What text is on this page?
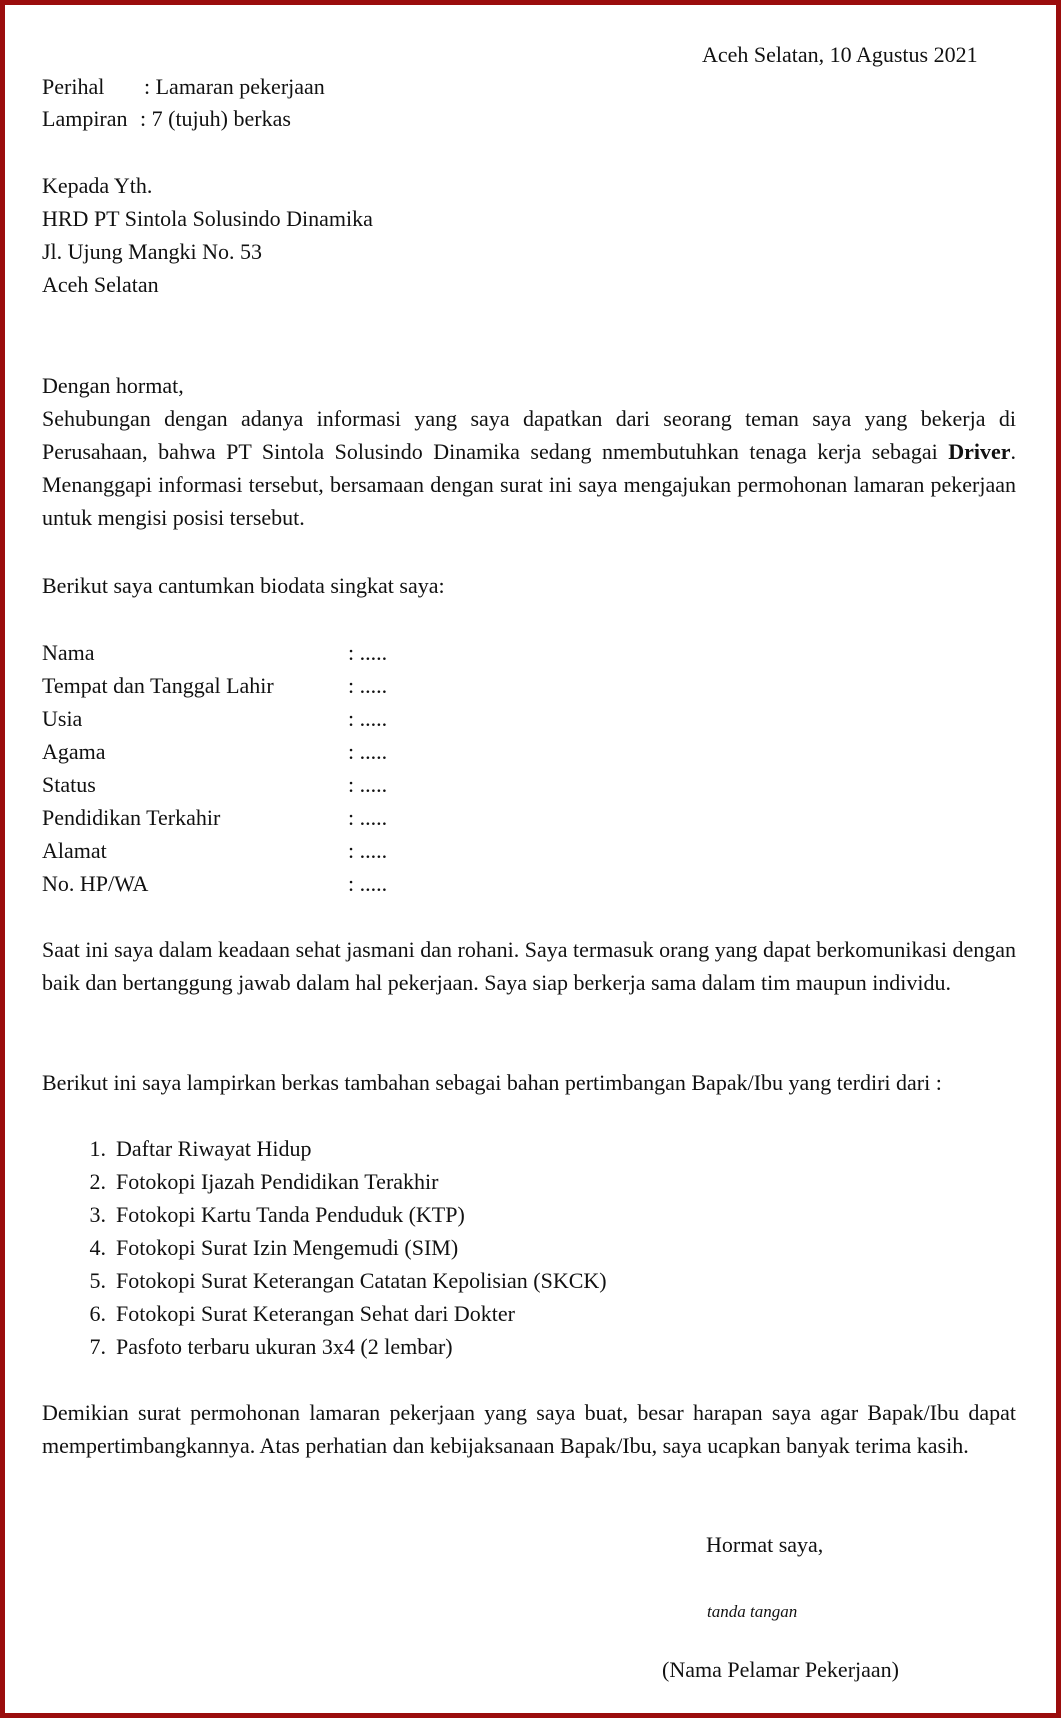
Aceh Selatan, 10 Agustus 2021
Perihal : Lamaran pekerjaan
Lampiran : 7 (tujuh) berkas
Kepada Yth.
HRD PT Sintola Solusindo Dinamika
Jl. Ujung Mangki No. 53
Aceh Selatan
Dengan hormat,
Sehubungan dengan adanya informasi yang saya dapatkan dari seorang teman saya yang bekerja di Perusahaan, bahwa PT Sintola Solusindo Dinamika sedang nmembutuhkan tenaga kerja sebagai Driver. Menanggapi informasi tersebut, bersamaan dengan surat ini saya mengajukan permohonan lamaran pekerjaan untuk mengisi posisi tersebut.
Berikut saya cantumkan biodata singkat saya:
Nama	: .....
Tempat dan Tanggal Lahir	: .....
Usia	: .....
Agama	: .....
Status	: .....
Pendidikan Terkahir	: .....
Alamat	: .....
No. HP/WA	: .....
Saat ini saya dalam keadaan sehat jasmani dan rohani. Saya termasuk orang yang dapat berkomunikasi dengan baik dan bertanggung jawab dalam hal pekerjaan. Saya siap berkerja sama dalam tim maupun individu.
Berikut ini saya lampirkan berkas tambahan sebagai bahan pertimbangan Bapak/Ibu yang terdiri dari :
1. Daftar Riwayat Hidup
2. Fotokopi Ijazah Pendidikan Terakhir
3. Fotokopi Kartu Tanda Penduduk (KTP)
4. Fotokopi Surat Izin Mengemudi (SIM)
5. Fotokopi Surat Keterangan Catatan Kepolisian (SKCK)
6. Fotokopi Surat Keterangan Sehat dari Dokter
7. Pasfoto terbaru ukuran 3x4 (2 lembar)
Demikian surat permohonan lamaran pekerjaan yang saya buat, besar harapan saya agar Bapak/Ibu dapat mempertimbangkannya. Atas perhatian dan kebijaksanaan Bapak/Ibu, saya ucapkan banyak terima kasih.
Hormat saya,
tanda tangan
(Nama Pelamar Pekerjaan)
